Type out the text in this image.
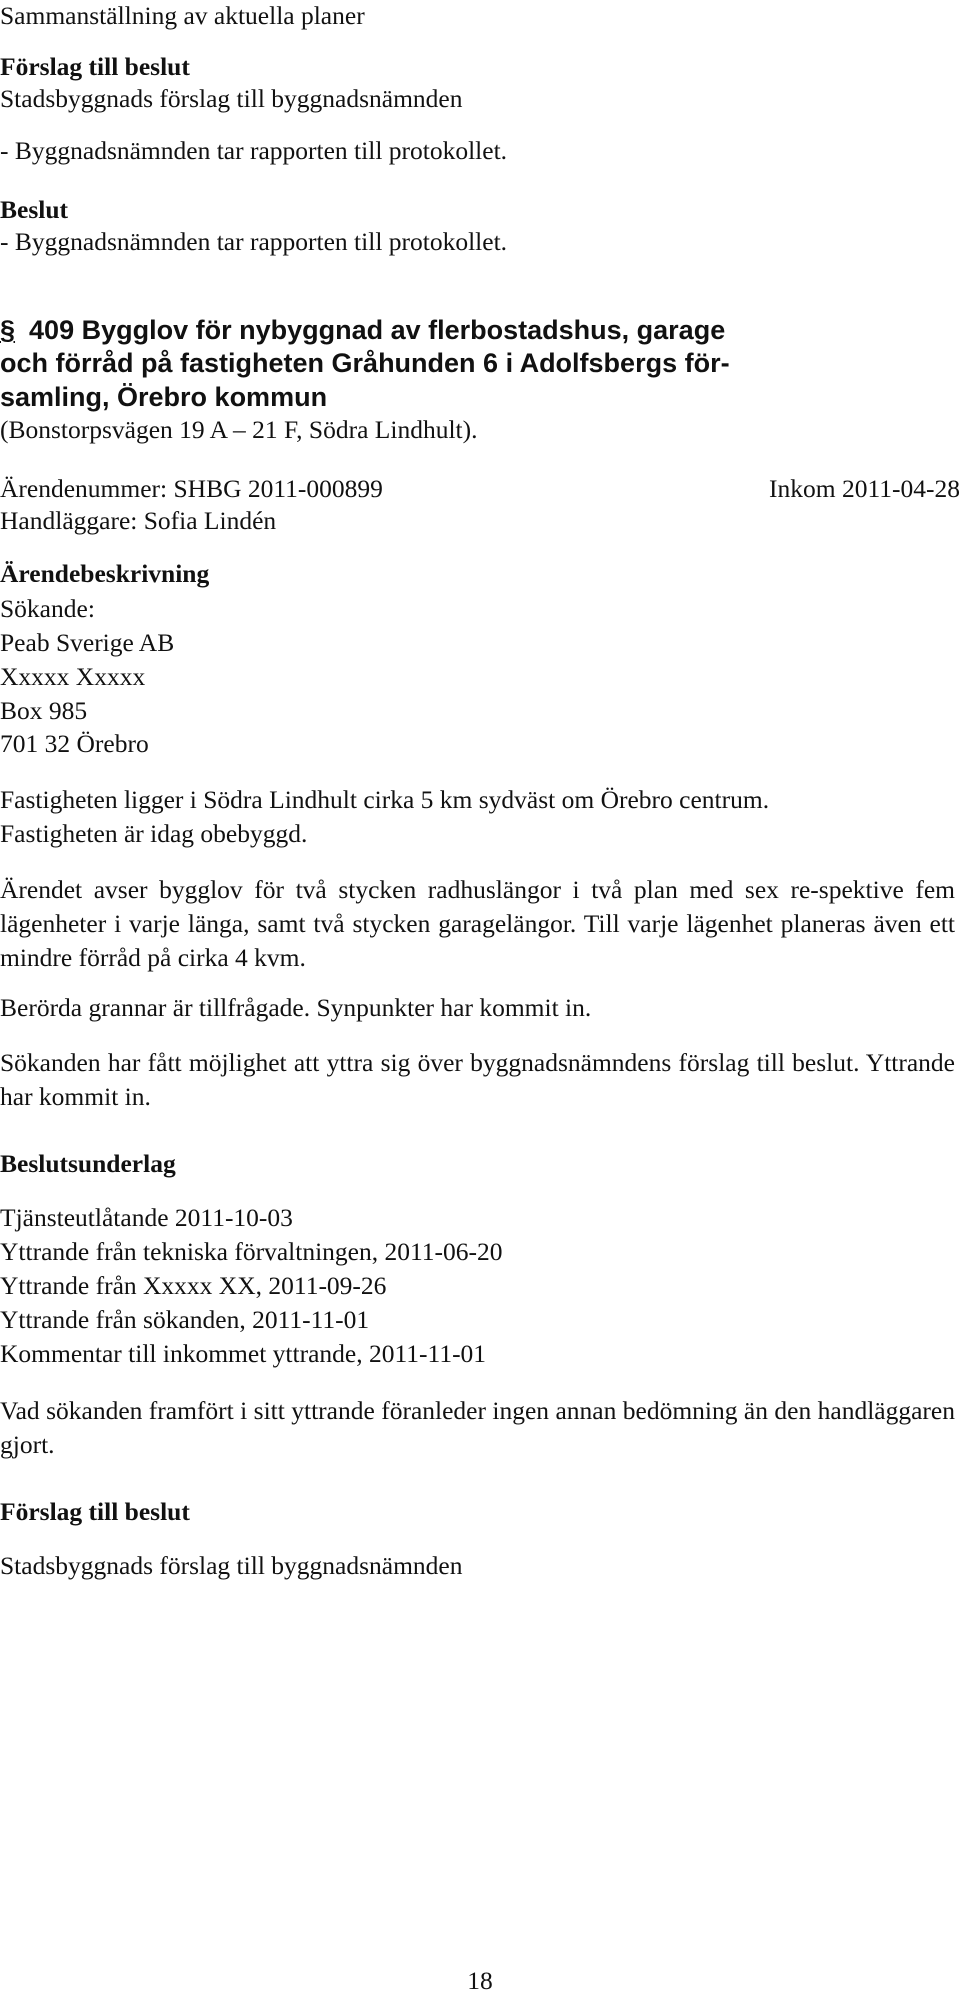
Sammanställning av aktuella planer
Förslag till beslut
Stadsbyggnads förslag till byggnadsnämnden
- Byggnadsnämnden tar rapporten till protokollet.
Beslut
- Byggnadsnämnden tar rapporten till protokollet.
§ 409 Bygglov för nybyggnad av flerbostadshus, garage
och förråd på fastigheten Gråhunden 6 i Adolfsbergs för-
samling, Örebro kommun
(Bonstorpsvägen 19 A – 21 F, Södra Lindhult).
Ärendenummer: SHBG 2011-000899	Inkom 2011-04-28
Handläggare: Sofia Lindén
Ärendebeskrivning
Sökande:
Peab Sverige AB
Xxxxx Xxxxx
Box 985
701 32 Örebro
Fastigheten ligger i Södra Lindhult cirka 5 km sydväst om Örebro centrum.
Fastigheten är idag obebyggd.
Ärendet avser bygglov för två stycken radhuslängor i två plan med sex re-spektive fem lägenheter i varje länga, samt två stycken garagelängor. Till varje lägenhet planeras även ett mindre förråd på cirka 4 kvm.
Berörda grannar är tillfrågade. Synpunkter har kommit in.
Sökanden har fått möjlighet att yttra sig över byggnadsnämndens förslag till beslut. Yttrande har kommit in.
Beslutsunderlag
Tjänsteutlåtande 2011-10-03
Yttrande från tekniska förvaltningen, 2011-06-20
Yttrande från Xxxxx XX, 2011-09-26
Yttrande från sökanden, 2011-11-01
Kommentar till inkommet yttrande, 2011-11-01
Vad sökanden framfört i sitt yttrande föranleder ingen annan bedömning än den handläggaren gjort.
Förslag till beslut
Stadsbyggnads förslag till byggnadsnämnden
18
